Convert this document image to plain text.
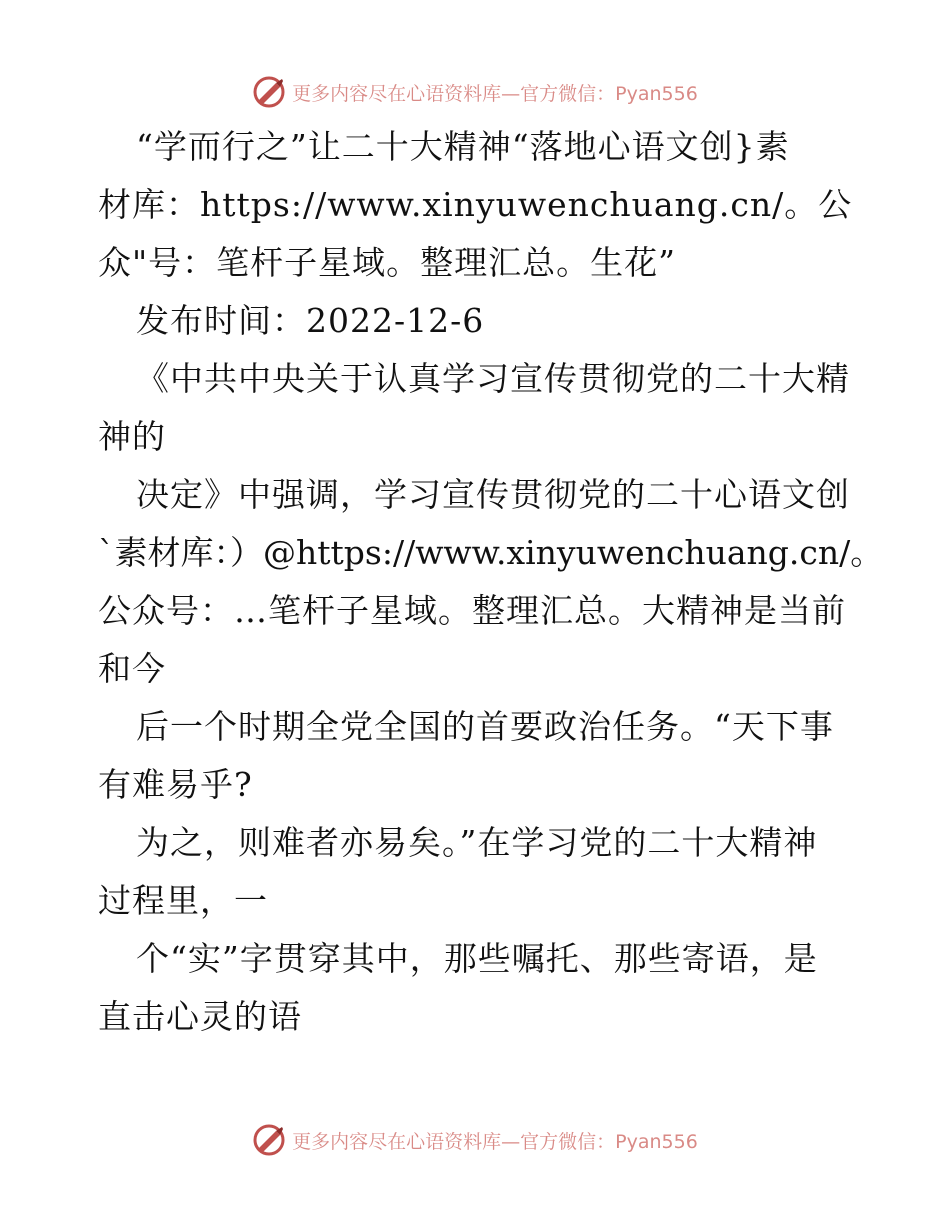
更多内容尽在心语资料库—官方微信：Pyan556
“学而行之”让二十大精神“落地心语文创}素
材库：https://www.xinyuwenchuang.cn/。公
众"号：笔杆子星域。整理汇总。生花”
发布时间：2022-12-6
《中共中央关于认真学习宣传贯彻党的二十大精
神的
决定》中强调，学习宣传贯彻党的二十心语文创
`素材库：）@https://www.xinyuwenchuang.cn/。
公众号：…笔杆子星域。整理汇总。大精神是当前
和今
后一个时期全党全国的首要政治任务。“天下事
有难易乎?
为之，则难者亦易矣。”在学习党的二十大精神
过程里，一
个“实”字贯穿其中，那些嘱托、那些寄语，是
直击心灵的语
更多内容尽在心语资料库—官方微信：Pyan556
